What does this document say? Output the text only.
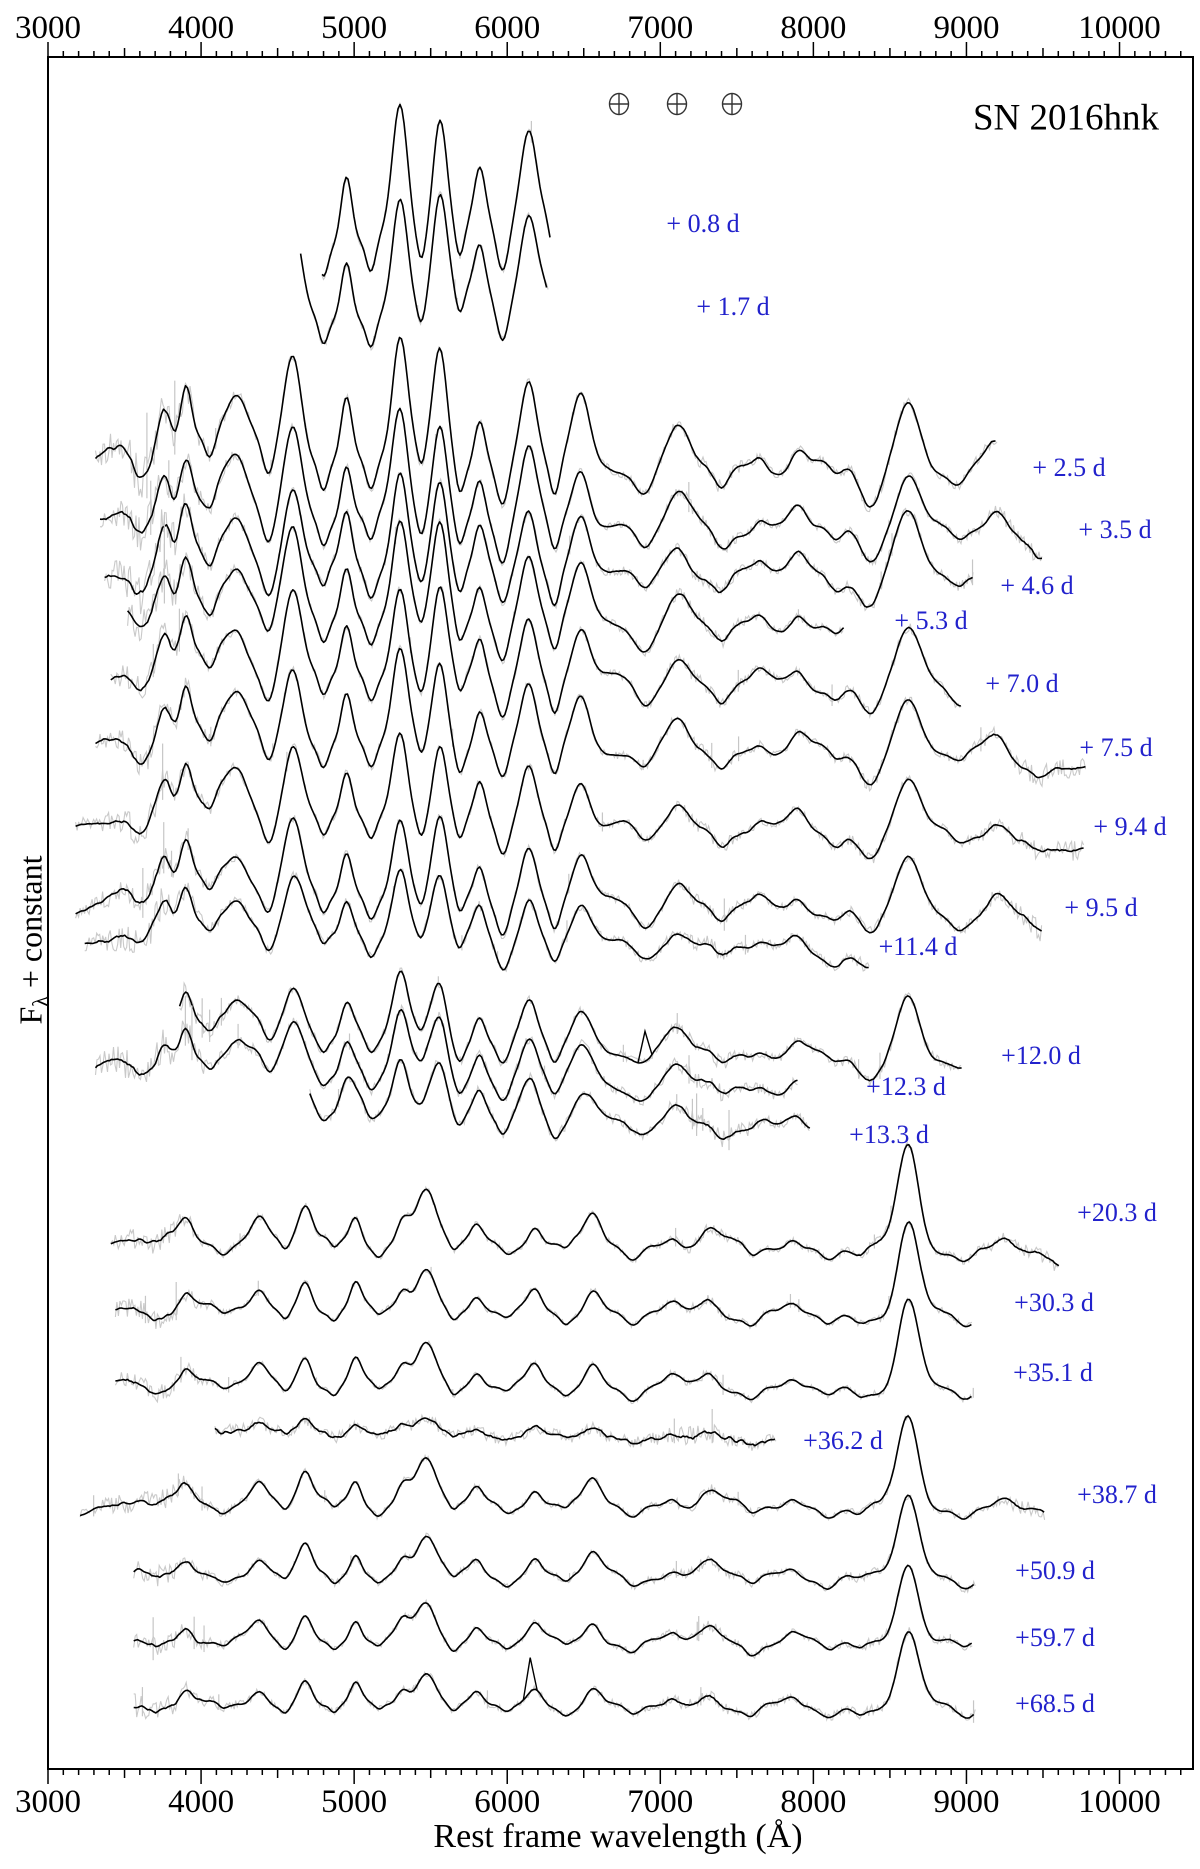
3000
3000
4000
4000
5000
5000
6000
6000
7000
7000
8000
8000
9000
9000
10000
10000
+ 0.8 d
+ 1.7 d
+ 2.5 d
+ 3.5 d
+ 4.6 d
+ 5.3 d
+ 7.0 d
+ 7.5 d
+ 9.4 d
+ 9.5 d
+11.4 d
+12.0 d
+12.3 d
+13.3 d
+20.3 d
+30.3 d
+35.1 d
+36.2 d
+38.7 d
+50.9 d
+59.7 d
+68.5 d
SN 2016hnk
Rest frame wavelength (Å)
Fλ + constant
